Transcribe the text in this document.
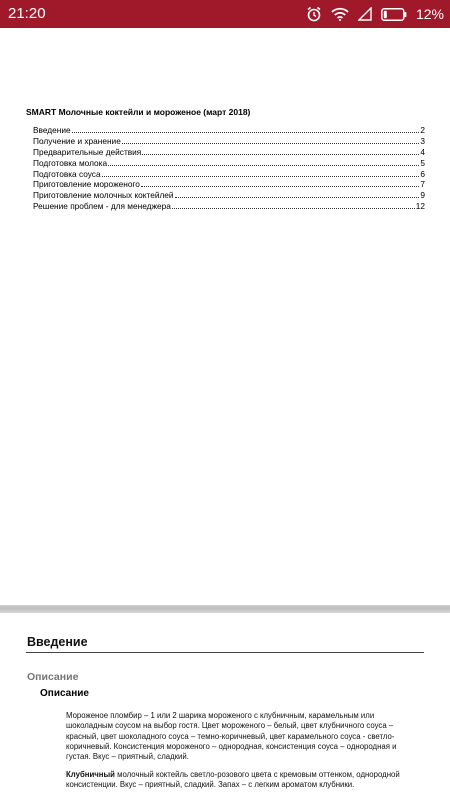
21:20	12%
SMART Молочные коктейли и мороженое (март 2018)
Введение	2
Получение и хранение	3
Предварительные действия	4
Подготовка молока	5
Подготовка соуса	6
Приготовление мороженого	7
Приготовление молочных коктейлей	9
Решение проблем - для менеджера	12
Введение
Описание
Описание
Мороженое пломбир – 1 или 2 шарика мороженого с клубничным, карамельным или шоколадным соусом на выбор гостя. Цвет мороженого – белый, цвет клубничного соуса – красный, цвет шоколадного соуса – темно-коричневый, цвет карамельного соуса - светло-коричневый. Консистенция мороженого – однородная, консистенция соуса – однородная и густая. Вкус – приятный, сладкий.
Клубничный молочный коктейль светло-розового цвета с кремовым оттенком, однородной консистенции. Вкус – приятный, сладкий. Запах – с легким ароматом клубники.
